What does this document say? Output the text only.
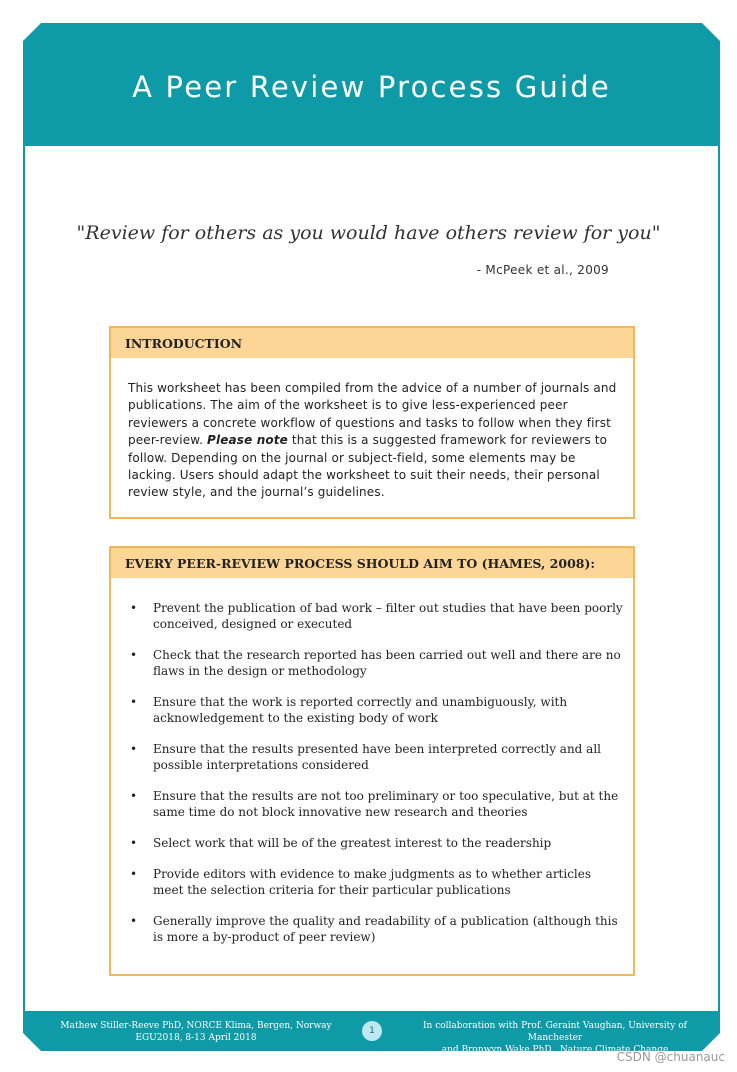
A Peer Review Process Guide
"Review for others as you would have others review for you"
- McPeek et al., 2009
INTRODUCTION

This worksheet has been compiled from the advice of a number of journals and publications. The aim of the worksheet is to give less-experienced peer reviewers a concrete workflow of questions and tasks to follow when they first peer-review. Please note that this is a suggested framework for reviewers to follow. Depending on the journal or subject-field, some elements may be lacking. Users should adapt the worksheet to suit their needs, their personal review style, and the journal’s guidelines.

EVERY PEER-REVIEW PROCESS SHOULD AIM TO (HAMES, 2008):
• Prevent the publication of bad work – filter out studies that have been poorly conceived, designed or executed
• Check that the research reported has been carried out well and there are no flaws in the design or methodology
• Ensure that the work is reported correctly and unambiguously, with acknowledgement to the existing body of work
• Ensure that the results presented have been interpreted correctly and all possible interpretations considered
• Ensure that the results are not too preliminary or too speculative, but at the same time do not block innovative new research and theories
• Select work that will be of the greatest interest to the readership
• Provide editors with evidence to make judgments as to whether articles meet the selection criteria for their particular publications
• Generally improve the quality and readability of a publication (although this is more a by-product of peer review)
Mathew Stiller-Reeve PhD, NORCE Klima, Bergen, Norway
EGU2018, 8-13 April 2018
1	In collaboration with Prof. Geraint Vaughan, University of Manchester
and Bronwyn Wake PhD., Nature Climate Change
CSDN @chuanauc
